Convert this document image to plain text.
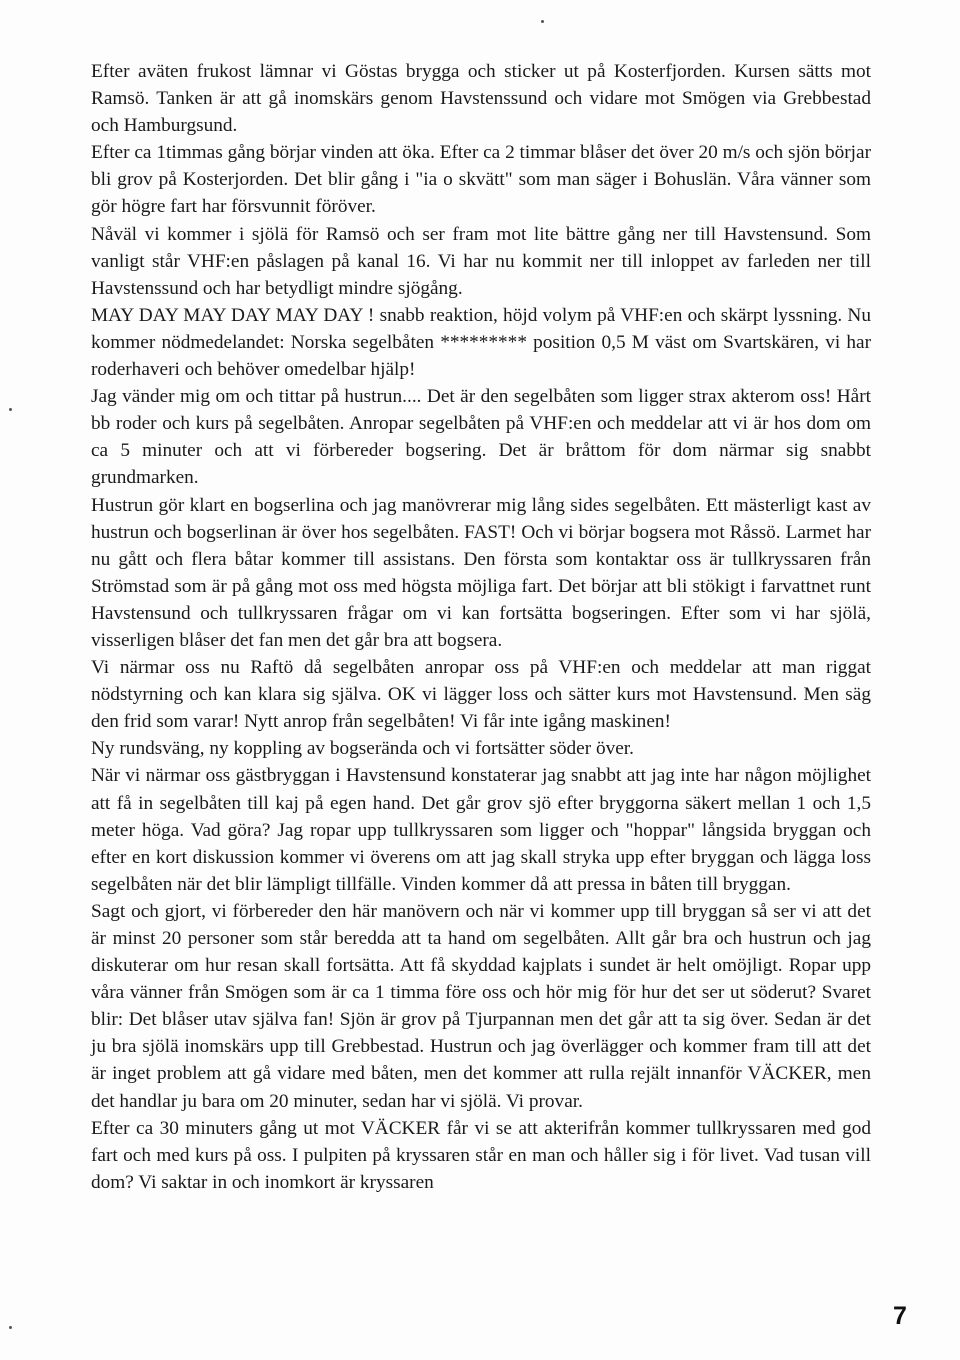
Efter aväten frukost lämnar vi Göstas brygga och sticker ut på Kosterfjorden. Kursen sätts mot Ramsö. Tanken är att gå inomskärs genom Havstenssund och vidare mot Smögen via Grebbestad och Hamburgsund.

Efter ca 1timmas gång börjar vinden att öka. Efter ca 2 timmar blåser det över 20 m/s och sjön börjar bli grov på Kosterjorden. Det blir gång i "ia o skvätt" som man säger i Bohuslän. Våra vänner som gör högre fart har försvunnit föröver.

Nåväl vi kommer i sjölä för Ramsö och ser fram mot lite bättre gång ner till Havstensund. Som vanligt står VHF:en påslagen på kanal 16. Vi har nu kommit ner till inloppet av farleden ner till Havstenssund och har betydligt mindre sjögång.

MAY DAY MAY DAY MAY DAY ! snabb reaktion, höjd volym på VHF:en och skärpt lyssning. Nu kommer nödmedelandet: Norska segelbåten ********* position 0,5 M väst om Svartskären, vi har roderhaveri och behöver omedelbar hjälp!

Jag vänder mig om och tittar på hustrun.... Det är den segelbåten som ligger strax akterom oss! Hårt bb roder och kurs på segelbåten. Anropar segelbåten på VHF:en och meddelar att vi är hos dom om ca 5 minuter och att vi förbereder bogsering. Det är bråttom för dom närmar sig snabbt grundmarken.

Hustrun gör klart en bogserlina och jag manövrerar mig lång sides segelbåten. Ett mästerligt kast av hustrun och bogserlinan är över hos segelbåten. FAST! Och vi börjar bogsera mot Råssö. Larmet har nu gått och flera båtar kommer till assistans. Den första som kontaktar oss är tullkryssaren från Strömstad som är på gång mot oss med högsta möjliga fart. Det börjar att bli stökigt i farvattnet runt Havstensund och tullkryssaren frågar om vi kan fortsätta bogseringen. Efter som vi har sjölä, visserligen blåser det fan men det går bra att bogsera.

Vi närmar oss nu Raftö då segelbåten anropar oss på VHF:en och meddelar att man riggat nödstyrning och kan klara sig själva. OK vi lägger loss och sätter kurs mot Havstensund. Men säg den frid som varar! Nytt anrop från segelbåten! Vi får inte igång maskinen!

Ny rundsväng, ny koppling av bogserända och vi fortsätter söder över.

När vi närmar oss gästbryggan i Havstensund konstaterar jag snabbt att jag inte har någon möjlighet att få in segelbåten till kaj på egen hand. Det går grov sjö efter bryggorna säkert mellan 1 och 1,5 meter höga. Vad göra? Jag ropar upp tullkryssaren som ligger och "hoppar" långsida bryggan och efter en kort diskussion kommer vi överens om att jag skall stryka upp efter bryggan och lägga loss segelbåten när det blir lämpligt tillfälle. Vinden kommer då att pressa in båten till bryggan.

Sagt och gjort, vi förbereder den här manövern och när vi kommer upp till bryggan så ser vi att det är minst 20 personer som står beredda att ta hand om segelbåten. Allt går bra och hustrun och jag diskuterar om hur resan skall fortsätta. Att få skyddad kajplats i sundet är helt omöjligt. Ropar upp våra vänner från Smögen som är ca 1 timma före oss och hör mig för hur det ser ut söderut? Svaret blir: Det blåser utav själva fan! Sjön är grov på Tjurpannan men det går att ta sig över. Sedan är det ju bra sjölä inomskärs upp till Grebbestad. Hustrun och jag överlägger och kommer fram till att det är inget problem att gå vidare med båten, men det kommer att rulla rejält innanför VÄCKER, men det handlar ju bara om 20 minuter, sedan har vi sjölä. Vi provar.

Efter ca 30 minuters gång ut mot VÄCKER får vi se att akterifrån kommer tullkryssaren med god fart och med kurs på oss. I pulpiten på kryssaren står en man och håller sig i för livet. Vad tusan vill dom? Vi saktar in och inomkort är kryssaren

7
